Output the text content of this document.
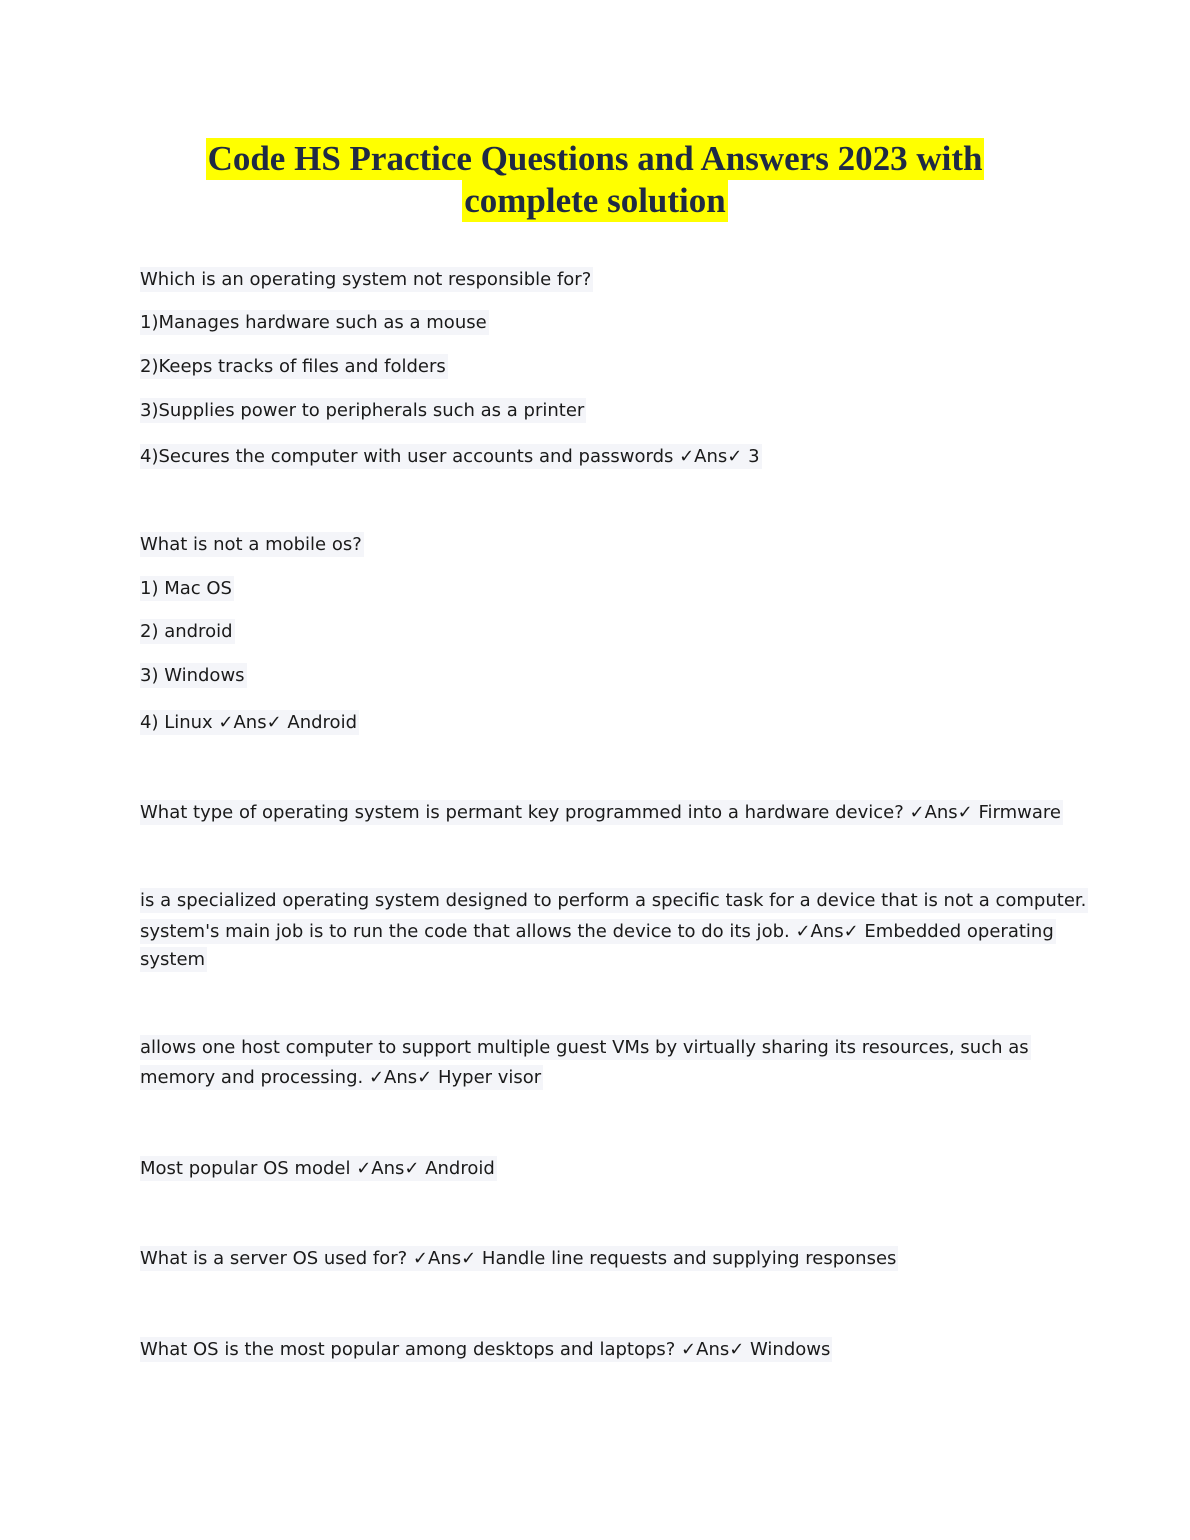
Code HS Practice Questions and Answers 2023 with
complete solution
Which is an operating system not responsible for?
1)Manages hardware such as a mouse
2)Keeps tracks of files and folders
3)Supplies power to peripherals such as a printer
4)Secures the computer with user accounts and passwords ✓Ans✓ 3
What is not a mobile os?
1) Mac OS
2) android
3) Windows
4) Linux ✓Ans✓ Android
What type of operating system is permant key programmed into a hardware device? ✓Ans✓ Firmware
is a specialized operating system designed to perform a specific task for a device that is not a computer.
system's main job is to run the code that allows the device to do its job. ✓Ans✓ Embedded operating
system
allows one host computer to support multiple guest VMs by virtually sharing its resources, such as
memory and processing. ✓Ans✓ Hyper visor
Most popular OS model ✓Ans✓ Android
What is a server OS used for? ✓Ans✓ Handle line requests and supplying responses
What OS is the most popular among desktops and laptops? ✓Ans✓ Windows
